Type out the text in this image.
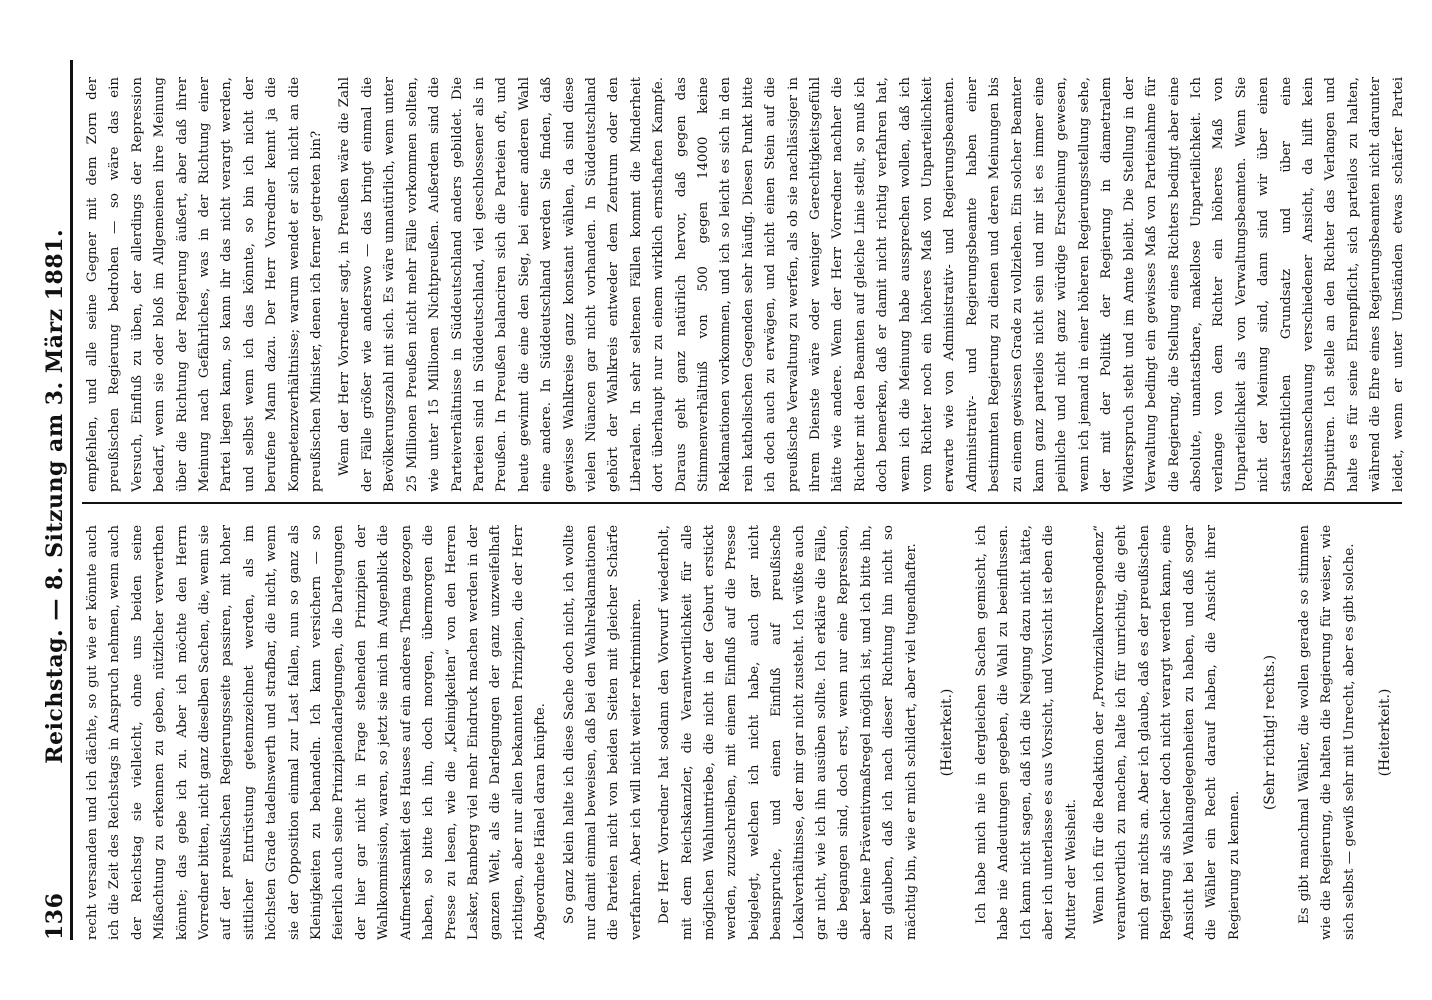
136
Reichstag. — 8. Sitzung am 3. März 1881. recht versanden und ich dächte, so gut wie er könnte auch ich die Zeit des Reichstags in Anspruch nehmen, wenn auch der Reichstag sie vielleicht, ohne uns beiden seine Mißachtung zu erkennen zu geben, nützlicher verwerthen könnte; das gebe ich zu. Aber ich möchte den Herrn Vorredner bitten, nicht ganz dieselben Sachen, die, wenn sie auf der preußischen Regierungsseite passiren, mit hoher sittlicher Entrüstung getennzeichnet werden, als im höchsten Grade tadelnswerth und strafbar, die nicht, wenn sie der Opposition einmal zur Last fallen, nun so ganz als Kleinigkeiten zu behandeln. Ich kann versichern — so feierlich auch seine Prinzipiendarlegungen, die Darlegungen der hier gar nicht in Frage stehenden Prinzipien der Wahlkommission, waren, so jetzt sie mich im Augenblick die Aufmerksamkeit des Hauses auf ein anderes Thema gezogen haben, so bitte ich ihn, doch morgen, übermorgen die Presse zu lesen, wie die „Kleinigkeiten“ von den Herren Lasker, Bamberg viel mehr Eindruck machen werden in der ganzen Welt, als die Darlegungen der ganz unzweifelhaft richtigen, aber nur allen bekannten Prinzipien, die der Herr Abgeordnete Hänel daran knüpfte.	So ganz klein halte ich diese Sache doch nicht, ich wollte nur damit einmal beweisen, daß bei den Wahlreklamationen die Parteien nicht von beiden Seiten mit gleicher Schärfe verfahren. Aber ich will nicht weiter rekriminiren.	Der Herr Vorredner hat sodann den Vorwurf wiederholt, mit dem Reichskanzler, die Verantwortlichkeit für alle möglichen Wahlumtriebe, die nicht in der Geburt erstickt werden, zuzuschreiben, mit einem Einfluß auf die Presse beigelegt, welchen ich nicht habe, auch gar nicht beanspruche, und einen Einfluß auf preußische Lokalverhältnisse, der mir gar nicht zusteht. Ich wüßte auch gar nicht, wie ich ihn ausüben sollte. Ich erkläre die Fälle, die begangen sind, doch erst, wenn nur eine Repression, aber keine Präventivmaßregel möglich ist, und ich bitte ihn, zu glauben, daß ich nach dieser Richtung hin nicht so mächtig bin, wie er mich schildert, aber viel tugendhafter.	(Heiterkeit.) Ich habe mich nie in dergleichen Sachen gemischt, ich habe nie Andeutungen gegeben, die Wahl zu beeinflussen. Ich kann nicht sagen, daß ich die Neigung dazu nicht hätte, aber ich unterlasse es aus Vorsicht, und Vorsicht ist eben die Mutter der Weisheit.	Wenn ich für die Redaktion der „Provinzialkorrespondenz“ verantwortlich zu machen, halte ich für unrichtig, die geht mich gar nichts an. Aber ich glaube, daß es der preußischen Regierung als solcher doch nicht verargt werden kann, eine Ansicht bei Wahlangelegenheiten zu haben, und daß sogar die Wähler ein Recht darauf haben, die Ansicht ihrer Regierung zu kennen.

(Sehr richtig! rechts.) Es gibt manchmal Wähler, die wollen gerade so stimmen wie die Regierung, die halten die Regierung für weiser, wie sich selbst — gewiß sehr mit Unrecht, aber es gibt solche.	(Heiterkeit.)

empfehlen, und alle seine Gegner mit dem Zorn der preußischen Regierung bedrohen — so wäre das ein Versuch, Einfluß zu üben, der allerdings der Repression bedarf, wenn sie oder bloß im Allgemeinen ihre Meinung über die Richtung der Regierung äußert, aber daß ihrer Meinung nach Gefährliches, was in der Richtung einer Partei liegen kann, so kann ihr das nicht verargt werden, und selbst wenn ich das könnte, so bin ich nicht der berufene Mann dazu. Der Herr Vorredner kennt ja die Kompetenzverhältnisse; warum wendet er sich nicht an die preußischen Minister, denen ich ferner getreten bin?	Wenn der Herr Vorredner sagt, in Preußen wäre die Zahl der Fälle größer wie anderswo — das bringt einmal die Bevölkerungszahl mit sich. Es wäre unnatürlich, wenn unter 25 Millionen Preußen nicht mehr Fälle vorkommen sollten, wie unter 15 Millionen Nichtpreußen. Außerdem sind die Parteiverhältnisse in Süddeutschland anders gebildet. Die Parteien sind in Süddeutschland, viel geschlossener als in Preußen. In Preußen balanciren sich die Parteien oft, und heute gewinnt die eine den Sieg, bei einer anderen Wahl eine andere. In Süddeutschland werden Sie finden, daß gewisse Wahlkreise ganz konstant wählen, da sind diese vielen Nüancen gar nicht vorhanden. In Süddeutschland gehört der Wahlkreis entweder dem Zentrum oder den Liberalen. In sehr seltenen Fällen kommt die Minderheit dort überhaupt nur zu einem wirklich ernsthaften Kampfe. Daraus geht ganz natürlich hervor, daß gegen das Stimmenverhältniß von 500 gegen 14000 keine Reklamationen vorkommen, und ich so leicht es sich in den rein katholischen Gegenden sehr häufig. Diesen Punkt bitte ich doch auch zu erwägen, und nicht einen Stein auf die preußische Verwaltung zu werfen, als ob sie nachlässiger in ihrem Dienste wäre oder weniger Gerechtigkeitsgefühl hätte wie andere. Wenn der Herr Vorredner nachher die Richter mit den Beamten auf gleiche Linie stellt, so muß ich doch bemerken, daß er damit nicht richtig verfahren hat, wenn ich die Meinung habe aussprechen wollen, daß ich vom Richter noch ein höheres Maß von Unparteilichkeit erwarte wie von Administrativ- und Regierungsbeamten. Administrativ- und Regierungsbeamte haben einer bestimmten Regierung zu dienen und deren Meinungen bis zu einem gewissen Grade zu vollziehen. Ein solcher Beamter kann ganz parteilos nicht sein und mir ist es immer eine peinliche und nicht ganz würdige Erscheinung gewesen, wenn ich jemand in einer höheren Regierungsstellung sehe, der mit der Politik der Regierung in diametralem Widerspruch steht und im Amte bleibt. Die Stellung in der Verwaltung bedingt ein gewisses Maß von Parteinahme für die Regierung, die Stellung eines Richters bedingt aber eine absolute, unantastbare, makellose Unparteilichkeit. Ich verlange von dem Richter ein höheres Maß von Unparteilichkeit als von Verwaltungsbeamten. Wenn Sie nicht der Meinung sind, dann sind wir über einen staatsrechtlichen Grundsatz und über eine Rechtsanschauung verschiedener Ansicht, da hilft kein Disputiren. Ich stelle an den Richter das Verlangen und halte es für seine Ehrenpflicht, sich parteilos zu halten, während die Ehre eines Regierungsbeamten nicht darunter leidet, wenn er unter Umständen etwas schärfer Partei
